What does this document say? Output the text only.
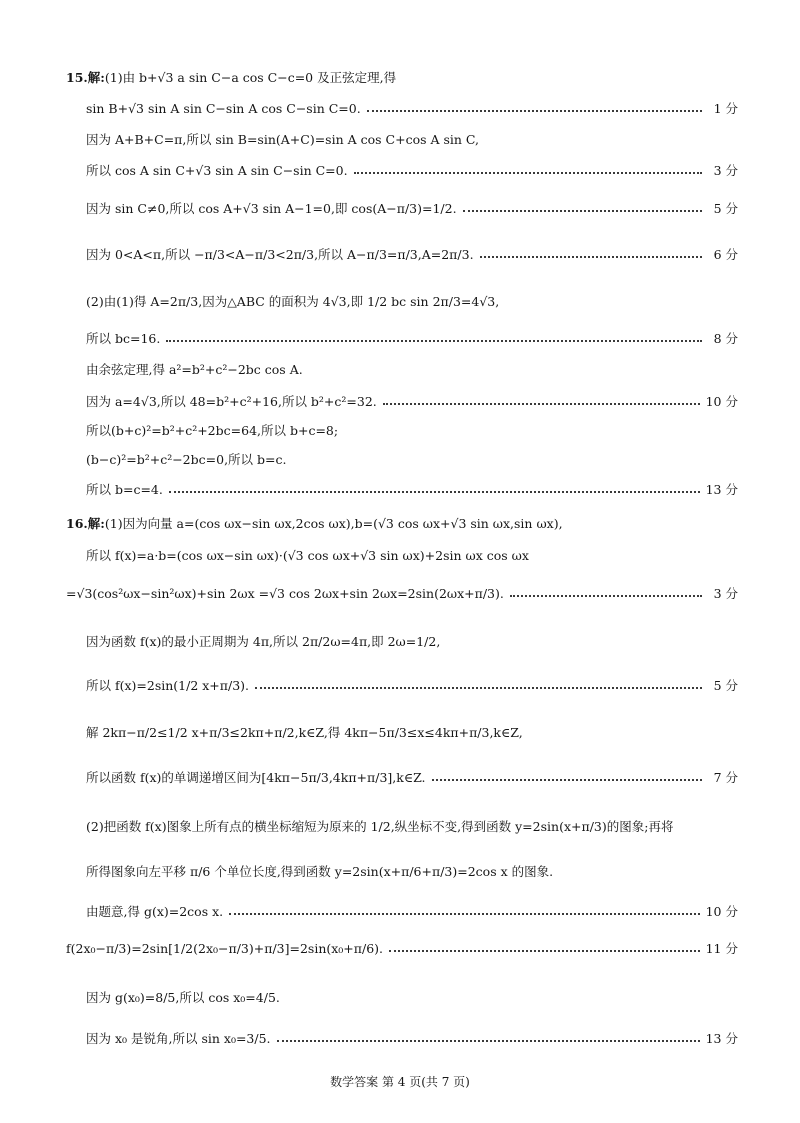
15.解: (1)由 b+√3 a sin C−a cos C−c=0 及正弦定理,得
sin B+√3 sin A sin C−sin A cos C−sin C=0.	1 分
因为 A+B+C=π,所以 sin B=sin(A+C)=sin A cos C+cos A sin C,
所以 cos A sin C+√3 sin A sin C−sin C=0.	3 分
因为 sin C≠0,所以 cos A+√3 sin A−1=0,即 cos(A−π/3)=1/2.	5 分
因为 0<A<π,所以 −π/3<A−π/3<2π/3,所以 A−π/3=π/3,A=2π/3.	6 分
(2)由(1)得 A=2π/3,因为△ABC 的面积为 4√3,即 1/2 bc sin 2π/3=4√3,
所以 bc=16.	8 分
由余弦定理,得 a²=b²+c²−2bc cos A.
因为 a=4√3,所以 48=b²+c²+16,所以 b²+c²=32.	10 分
所以(b+c)²=b²+c²+2bc=64,所以 b+c=8;
(b−c)²=b²+c²−2bc=0,所以 b=c.
所以 b=c=4.	13 分
16.解: (1)因为向量 a=(cos ωx−sin ωx,2cos ωx),b=(√3 cos ωx+√3 sin ωx,sin ωx),
所以 f(x)=a·b=(cos ωx−sin ωx)·(√3 cos ωx+√3 sin ωx)+2sin ωx cos ωx
=√3(cos²ωx−sin²ωx)+sin 2ωx =√3 cos 2ωx+sin 2ωx=2sin(2ωx+π/3).	3 分
因为函数 f(x)的最小正周期为 4π,所以 2π/2ω=4π,即 2ω=1/2,
所以 f(x)=2sin(1/2 x+π/3).	5 分
解 2kπ−π/2≤1/2 x+π/3≤2kπ+π/2,k∈Z,得 4kπ−5π/3≤x≤4kπ+π/3,k∈Z,
所以函数 f(x)的单调递增区间为[4kπ−5π/3,4kπ+π/3],k∈Z.	7 分
(2)把函数 f(x)图象上所有点的横坐标缩短为原来的 1/2,纵坐标不变,得到函数 y=2sin(x+π/3)的图象;再将
所得图象向左平移 π/6 个单位长度,得到函数 y=2sin(x+π/6+π/3)=2cos x 的图象.
由题意,得 g(x)=2cos x.	10 分
f(2x₀−π/3)=2sin[1/2(2x₀−π/3)+π/3]=2sin(x₀+π/6).	11 分
因为 g(x₀)=8/5,所以 cos x₀=4/5.
因为 x₀ 是锐角,所以 sin x₀=3/5.	13 分
数学答案 第 4 页(共 7 页)
